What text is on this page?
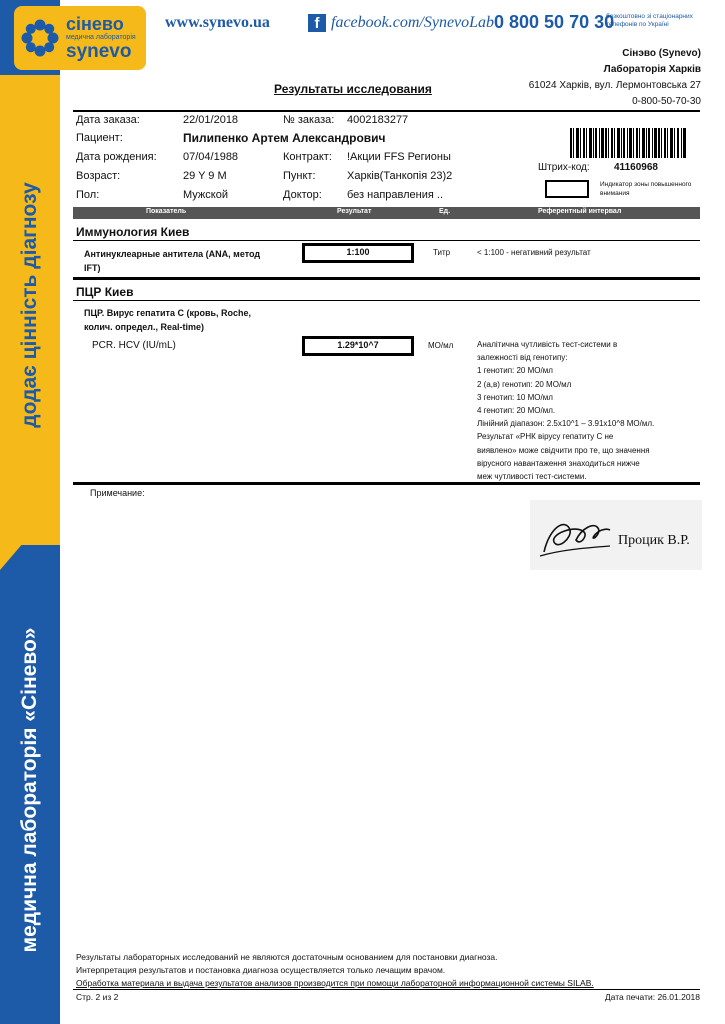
додає цінність діагнозу
медична лабораторія «Сінево»
сінево
медична лабораторія
synevo
www.synevo.ua	f facebook.com/SynevoLab 0 800 50 70 30
безкоштовно зі стаціонарних телефонів по Україні
Сінэво (Synevo)
Лабораторія Харків
61024 Харків, вул. Лермонтовська 27
0-800-50-70-30
Результаты исследования
Дата заказа:	22/01/2018	№ заказа: 4002183277
Пациент:	Пилипенко Артем Александрович
Дата рождения: 07/04/1988	Контракт: !Акции FFS Регионы
Возраст:	29 Y 9 M	Пункт:	Харків(Танкопія 23)2
Пол:	Мужской	Доктор: без направления ..
Штрих-код: 41160968
Индикатор зоны повышенного внимания
Показатель	Результат	Ед.	Референтный интервал
Иммунология Киев
Антинуклеарные антитела (ANA, метод
IFT)
1:100	Титр	< 1:100 - негативний результат
ПЦР Киев
ПЦР. Вирус гепатита С (кровь, Roche,
колич. определ., Real-time)
PCR. HCV (IU/mL)	1.29*10^7	МО/мл	Аналітична чутливість тест-системи в
залежності від генотипу:
1 генотип: 20 МО/мл
2 (а,в) генотип: 20 МО/мл
3 генотип: 10 МО/мл
4 генотип: 20 МО/мл.
Лінійний діапазон: 2.5x10^1 – 3.91x10^8 МО/мл.
Результат «РНК вірусу гепатиту С не
виявлено» може свідчити про те, що значення
вірусного навантаження знаходиться нижче
меж чутливості тест-системи.
Примечание:
Процик В.Р.
Результаты лабораторных исследований не являются достаточным основанием для постановки диагноза.
Интерпретация результатов и постановка диагноза осуществляется только лечащим врачом.
Обработка материала и выдача результатов анализов производится при помощи лабораторной информационной системы SILAB.
Стр. 2 из 2	Дата печати: 26.01.2018
